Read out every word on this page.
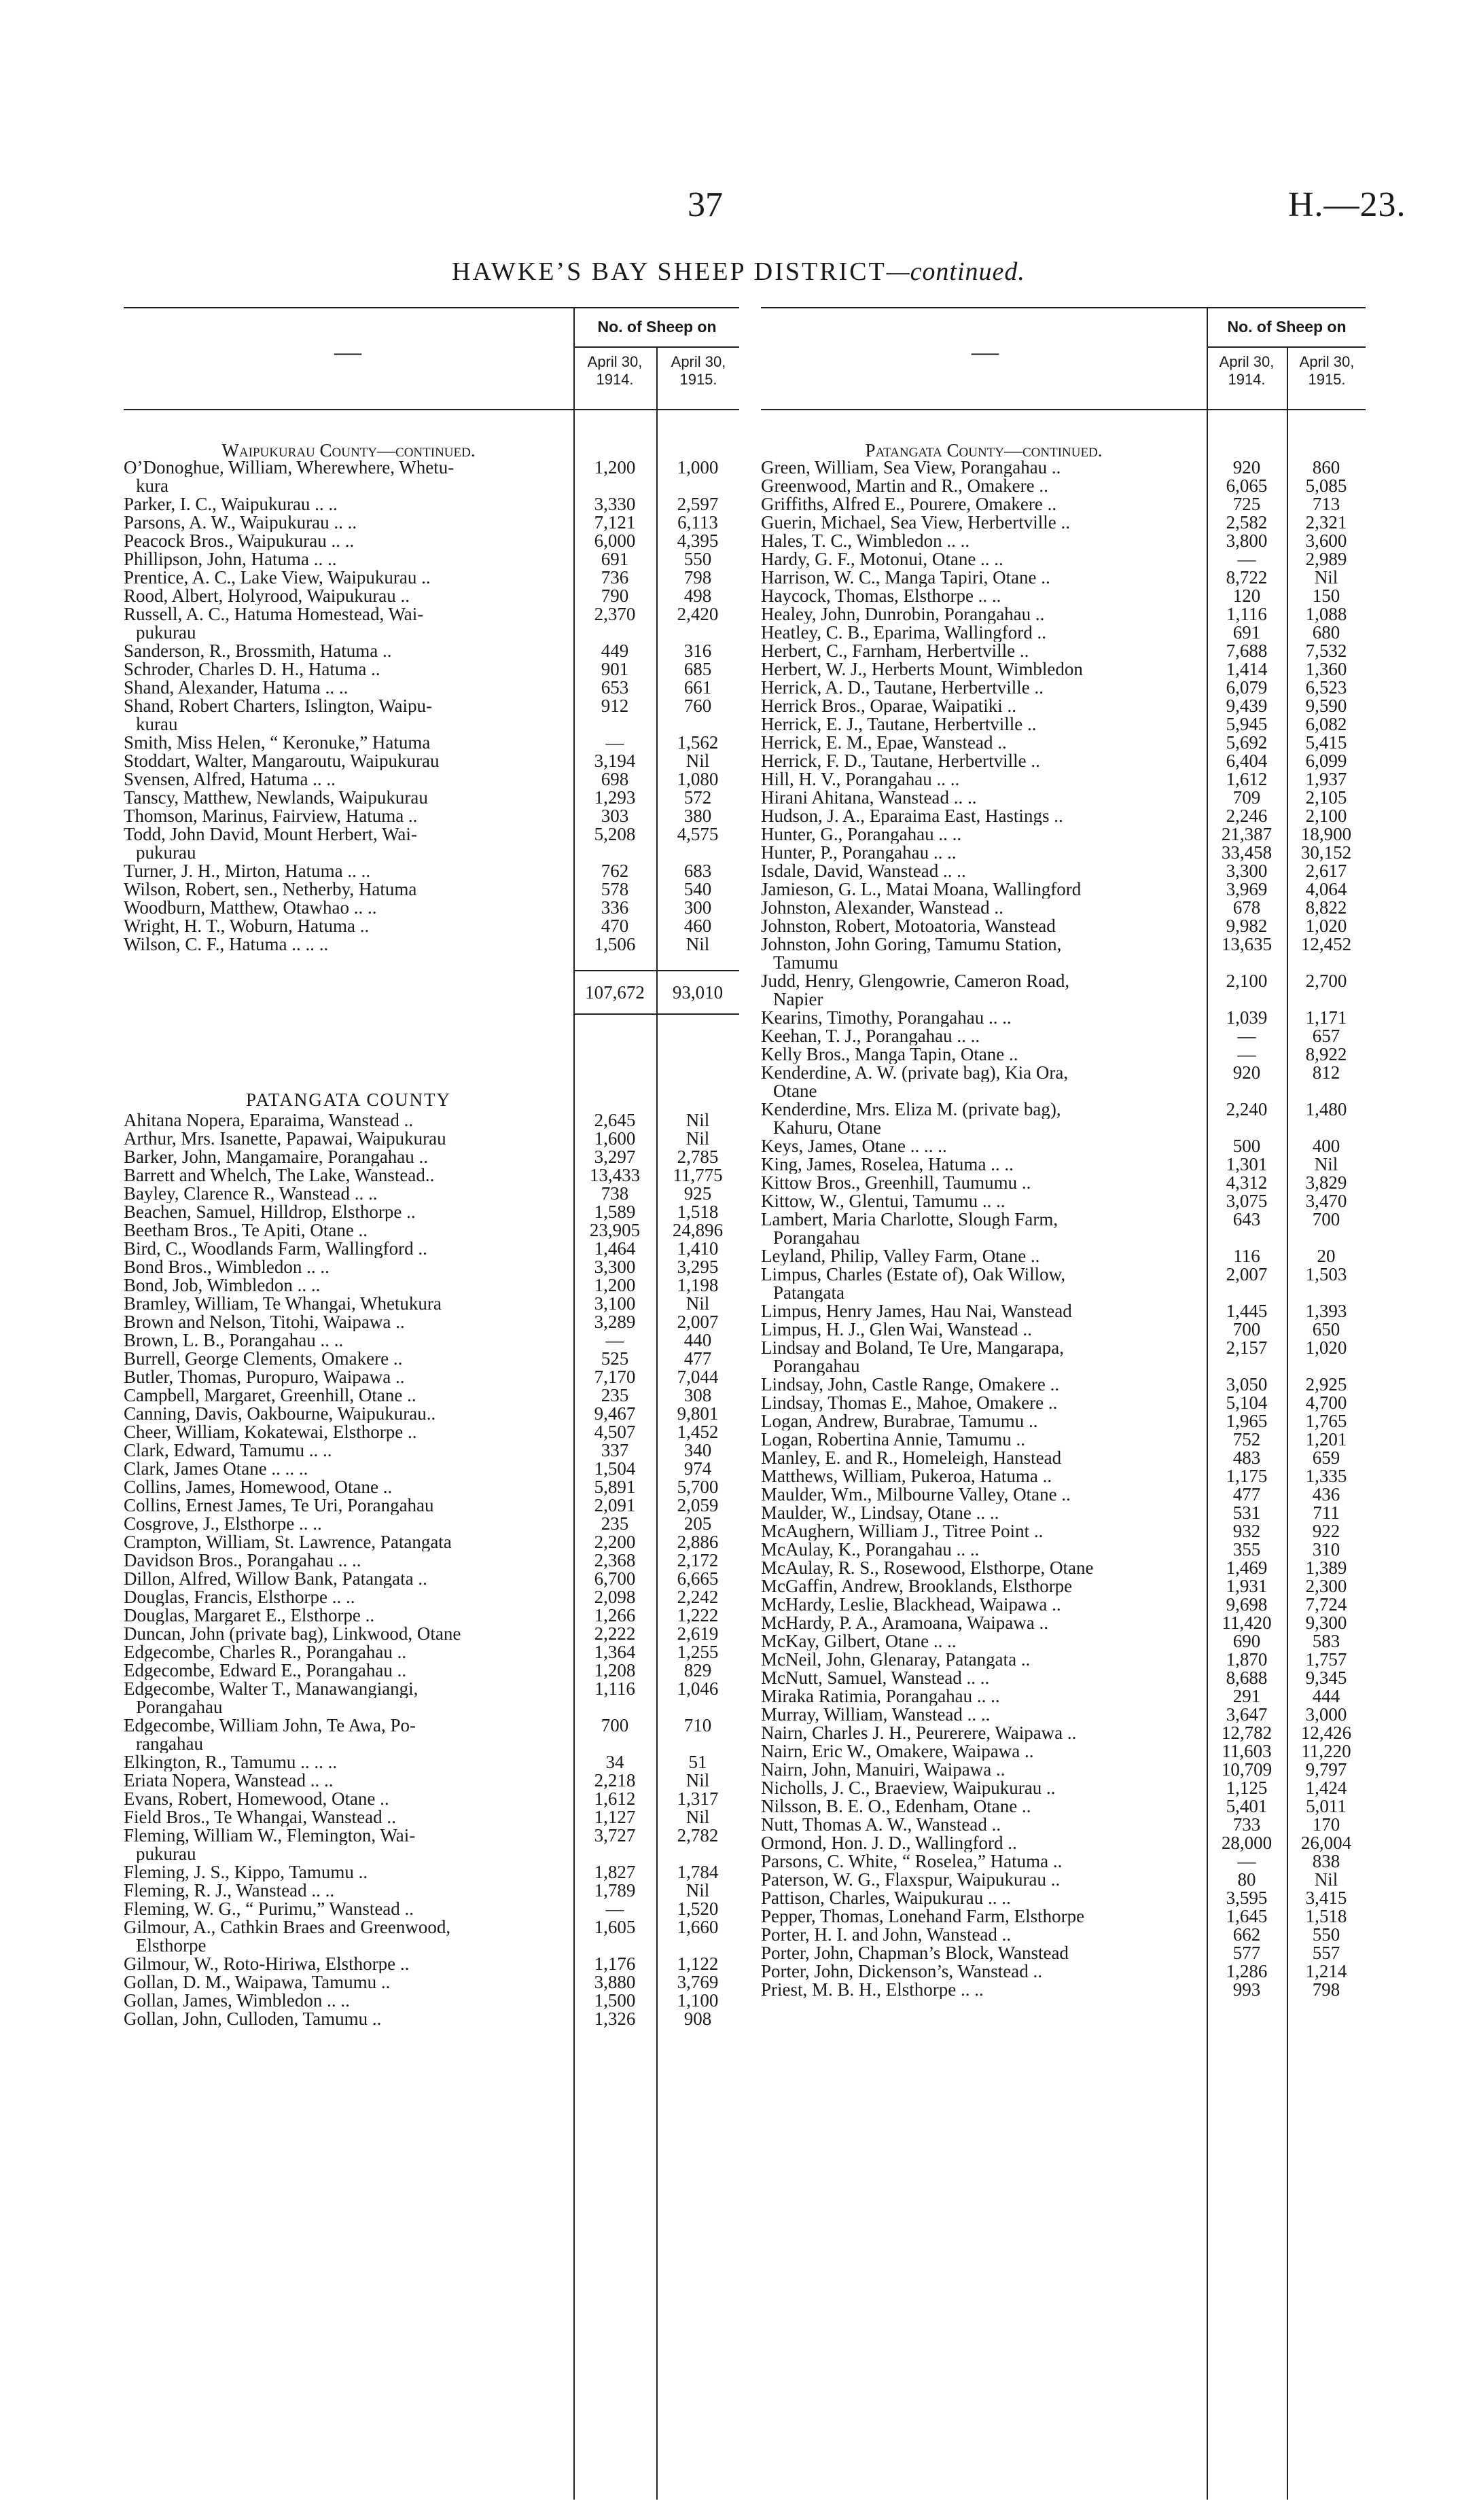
37	H.—23.
HAWKE’S BAY SHEEP DISTRICT—continued.
—
No. of Sheep on
April 30,
1914.
April 30,
1915.
Waipukurau County—continued.
O’Donoghue, William, Wherewhere, Whetu-	1,200	1,000
kura
Parker, I. C., Waipukurau .. ..	3,330	2,597
Parsons, A. W., Waipukurau .. ..	7,121	6,113
Peacock Bros., Waipukurau .. ..	6,000	4,395
Phillipson, John, Hatuma .. ..	691	550
Prentice, A. C., Lake View, Waipukurau ..	736	798
Rood, Albert, Holyrood, Waipukurau ..	790	498
Russell, A. C., Hatuma Homestead, Wai-	2,370	2,420
pukurau
Sanderson, R., Brossmith, Hatuma ..	449	316
Schroder, Charles D. H., Hatuma ..	901	685
Shand, Alexander, Hatuma .. ..	653	661
Shand, Robert Charters, Islington, Waipu-	912	760
kurau
Smith, Miss Helen, “ Keronuke,” Hatuma	—	1,562
Stoddart, Walter, Mangaroutu, Waipukurau	3,194	Nil
Svensen, Alfred, Hatuma .. ..	698	1,080
Tanscy, Matthew, Newlands, Waipukurau	1,293	572
Thomson, Marinus, Fairview, Hatuma ..	303	380
Todd, John David, Mount Herbert, Wai-	5,208	4,575
pukurau
Turner, J. H., Mirton, Hatuma .. ..	762	683
Wilson, Robert, sen., Netherby, Hatuma	578	540
Woodburn, Matthew, Otawhao .. ..	336	300
Wright, H. T., Woburn, Hatuma ..	470	460
Wilson, C. F., Hatuma .. .. ..	1,506	Nil
107,672	93,010
PATANGATA COUNTY
Ahitana Nopera, Eparaima, Wanstead ..	2,645	Nil
Arthur, Mrs. Isanette, Papawai, Waipukurau	1,600	Nil
Barker, John, Mangamaire, Porangahau ..	3,297	2,785
Barrett and Whelch, The Lake, Wanstead..	13,433	11,775
Bayley, Clarence R., Wanstead .. ..	738	925
Beachen, Samuel, Hilldrop, Elsthorpe ..	1,589	1,518
Beetham Bros., Te Apiti, Otane ..	23,905	24,896
Bird, C., Woodlands Farm, Wallingford ..	1,464	1,410
Bond Bros., Wimbledon .. ..	3,300	3,295
Bond, Job, Wimbledon .. ..	1,200	1,198
Bramley, William, Te Whangai, Whetukura	3,100	Nil
Brown and Nelson, Titohi, Waipawa ..	3,289	2,007
Brown, L. B., Porangahau .. ..	—	440
Burrell, George Clements, Omakere ..	525	477
Butler, Thomas, Puropuro, Waipawa ..	7,170	7,044
Campbell, Margaret, Greenhill, Otane ..	235	308
Canning, Davis, Oakbourne, Waipukurau..	9,467	9,801
Cheer, William, Kokatewai, Elsthorpe ..	4,507	1,452
Clark, Edward, Tamumu .. ..	337	340
Clark, James Otane .. .. ..	1,504	974
Collins, James, Homewood, Otane ..	5,891	5,700
Collins, Ernest James, Te Uri, Porangahau	2,091	2,059
Cosgrove, J., Elsthorpe .. ..	235	205
Crampton, William, St. Lawrence, Patangata	2,200	2,886
Davidson Bros., Porangahau .. ..	2,368	2,172
Dillon, Alfred, Willow Bank, Patangata ..	6,700	6,665
Douglas, Francis, Elsthorpe .. ..	2,098	2,242
Douglas, Margaret E., Elsthorpe ..	1,266	1,222
Duncan, John (private bag), Linkwood, Otane	2,222	2,619
Edgecombe, Charles R., Porangahau ..	1,364	1,255
Edgecombe, Edward E., Porangahau ..	1,208	829
Edgecombe, Walter T., Manawangiangi,	1,116	1,046
Porangahau
Edgecombe, William John, Te Awa, Po-	700	710
rangahau
Elkington, R., Tamumu .. .. ..	34	51
Eriata Nopera, Wanstead .. ..	2,218	Nil
Evans, Robert, Homewood, Otane ..	1,612	1,317
Field Bros., Te Whangai, Wanstead ..	1,127	Nil
Fleming, William W., Flemington, Wai-	3,727	2,782
pukurau
Fleming, J. S., Kippo, Tamumu ..	1,827	1,784
Fleming, R. J., Wanstead .. ..	1,789	Nil
Fleming, W. G., “ Purimu,” Wanstead ..	—	1,520
Gilmour, A., Cathkin Braes and Greenwood,	1,605	1,660
Elsthorpe
Gilmour, W., Roto-Hiriwa, Elsthorpe ..	1,176	1,122
Gollan, D. M., Waipawa, Tamumu ..	3,880	3,769
Gollan, James, Wimbledon .. ..	1,500	1,100
Gollan, John, Culloden, Tamumu ..	1,326	908
—
No. of Sheep on
April 30,
1914.
April 30,
1915.
Patangata County—continued.
Green, William, Sea View, Porangahau ..	920	860
Greenwood, Martin and R., Omakere ..	6,065	5,085
Griffiths, Alfred E., Pourere, Omakere ..	725	713
Guerin, Michael, Sea View, Herbertville ..	2,582	2,321
Hales, T. C., Wimbledon .. ..	3,800	3,600
Hardy, G. F., Motonui, Otane .. ..	—	2,989
Harrison, W. C., Manga Tapiri, Otane ..	8,722	Nil
Haycock, Thomas, Elsthorpe .. ..	120	150
Healey, John, Dunrobin, Porangahau ..	1,116	1,088
Heatley, C. B., Eparima, Wallingford ..	691	680
Herbert, C., Farnham, Herbertville ..	7,688	7,532
Herbert, W. J., Herberts Mount, Wimbledon	1,414	1,360
Herrick, A. D., Tautane, Herbertville ..	6,079	6,523
Herrick Bros., Oparae, Waipatiki ..	9,439	9,590
Herrick, E. J., Tautane, Herbertville ..	5,945	6,082
Herrick, E. M., Epae, Wanstead ..	5,692	5,415
Herrick, F. D., Tautane, Herbertville ..	6,404	6,099
Hill, H. V., Porangahau .. ..	1,612	1,937
Hirani Ahitana, Wanstead .. ..	709	2,105
Hudson, J. A., Eparaima East, Hastings ..	2,246	2,100
Hunter, G., Porangahau .. ..	21,387	18,900
Hunter, P., Porangahau .. ..	33,458	30,152
Isdale, David, Wanstead .. ..	3,300	2,617
Jamieson, G. L., Matai Moana, Wallingford	3,969	4,064
Johnston, Alexander, Wanstead ..	678	8,822
Johnston, Robert, Motoatoria, Wanstead	9,982	1,020
Johnston, John Goring, Tamumu Station,	13,635	12,452
Tamumu
Judd, Henry, Glengowrie, Cameron Road,	2,100	2,700
Napier
Kearins, Timothy, Porangahau .. ..	1,039	1,171
Keehan, T. J., Porangahau .. ..	—	657
Kelly Bros., Manga Tapin, Otane ..	—	8,922
Kenderdine, A. W. (private bag), Kia Ora,	920	812
Otane
Kenderdine, Mrs. Eliza M. (private bag),	2,240	1,480
Kahuru, Otane
Keys, James, Otane .. .. ..	500	400
King, James, Roselea, Hatuma .. ..	1,301	Nil
Kittow Bros., Greenhill, Taumumu ..	4,312	3,829
Kittow, W., Glentui, Tamumu .. ..	3,075	3,470
Lambert, Maria Charlotte, Slough Farm,	643	700
Porangahau
Leyland, Philip, Valley Farm, Otane ..	116	20
Limpus, Charles (Estate of), Oak Willow,	2,007	1,503
Patangata
Limpus, Henry James, Hau Nai, Wanstead	1,445	1,393
Limpus, H. J., Glen Wai, Wanstead ..	700	650
Lindsay and Boland, Te Ure, Mangarapa,	2,157	1,020
Porangahau
Lindsay, John, Castle Range, Omakere ..	3,050	2,925
Lindsay, Thomas E., Mahoe, Omakere ..	5,104	4,700
Logan, Andrew, Burabrae, Tamumu ..	1,965	1,765
Logan, Robertina Annie, Tamumu ..	752	1,201
Manley, E. and R., Homeleigh, Hanstead	483	659
Matthews, William, Pukeroa, Hatuma ..	1,175	1,335
Maulder, Wm., Milbourne Valley, Otane ..	477	436
Maulder, W., Lindsay, Otane .. ..	531	711
McAughern, William J., Titree Point ..	932	922
McAulay, K., Porangahau .. ..	355	310
McAulay, R. S., Rosewood, Elsthorpe, Otane	1,469	1,389
McGaffin, Andrew, Brooklands, Elsthorpe	1,931	2,300
McHardy, Leslie, Blackhead, Waipawa ..	9,698	7,724
McHardy, P. A., Aramoana, Waipawa ..	11,420	9,300
McKay, Gilbert, Otane .. ..	690	583
McNeil, John, Glenaray, Patangata ..	1,870	1,757
McNutt, Samuel, Wanstead .. ..	8,688	9,345
Miraka Ratimia, Porangahau .. ..	291	444
Murray, William, Wanstead .. ..	3,647	3,000
Nairn, Charles J. H., Peurerere, Waipawa ..	12,782	12,426
Nairn, Eric W., Omakere, Waipawa ..	11,603	11,220
Nairn, John, Manuiri, Waipawa ..	10,709	9,797
Nicholls, J. C., Braeview, Waipukurau ..	1,125	1,424
Nilsson, B. E. O., Edenham, Otane ..	5,401	5,011
Nutt, Thomas A. W., Wanstead ..	733	170
Ormond, Hon. J. D., Wallingford ..	28,000	26,004
Parsons, C. White, “ Roselea,” Hatuma ..	—	838
Paterson, W. G., Flaxspur, Waipukurau ..	80	Nil
Pattison, Charles, Waipukurau .. ..	3,595	3,415
Pepper, Thomas, Lonehand Farm, Elsthorpe	1,645	1,518
Porter, H. I. and John, Wanstead ..	662	550
Porter, John, Chapman’s Block, Wanstead	577	557
Porter, John, Dickenson’s, Wanstead ..	1,286	1,214
Priest, M. B. H., Elsthorpe .. ..	993	798
